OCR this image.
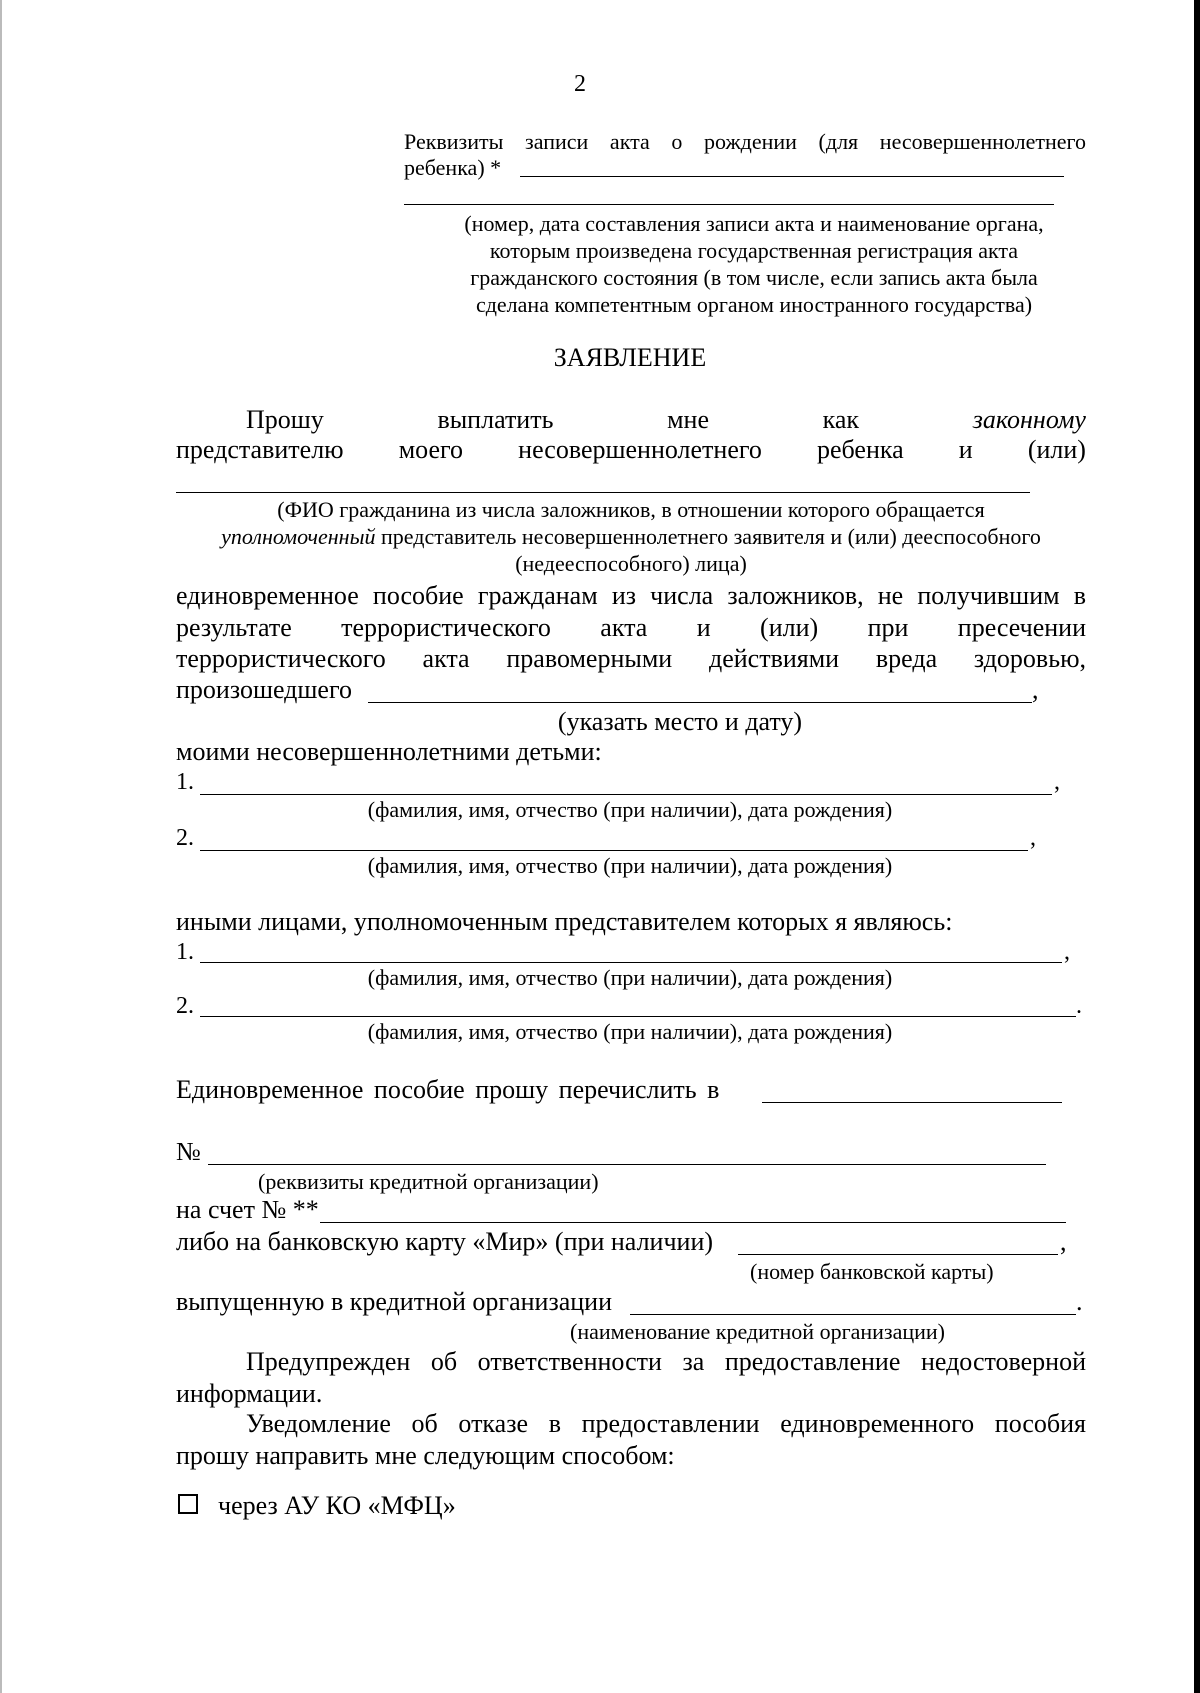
2
Реквизиты записи акта о рождении (для несовершеннолетнего
ребенка) *
(номер, дата составления записи акта и наименование органа,
которым произведена государственная регистрация акта
гражданского состояния (в том числе, если запись акта была
сделана компетентным органом иностранного государства)
ЗАЯВЛЕНИЕ
Прошу	выплатить	мне	как	законному
представителю моего несовершеннолетнего ребенка и (или)
(ФИО гражданина из числа заложников, в отношении которого обращается
уполномоченный представитель несовершеннолетнего заявителя и (или) дееспособного
(недееспособного) лица)
единовременное пособие гражданам из числа заложников, не получившим в
результате террористического акта и (или) при пресечении
террористического акта правомерными действиями вреда здоровью,
произошедшего	,
(указать место и дату)
моими несовершеннолетними детьми:
1.	,
(фамилия, имя, отчество (при наличии), дата рождения)
2.	,
(фамилия, имя, отчество (при наличии), дата рождения)
иными лицами, уполномоченным представителем которых я являюсь:
1.	,
(фамилия, имя, отчество (при наличии), дата рождения)
2.	.
(фамилия, имя, отчество (при наличии), дата рождения)
Единовременное пособие прошу перечислить в
№
(реквизиты кредитной организации)
на счет № **
либо на банковскую карту «Мир» (при наличии)	,
(номер банковской карты)
выпущенную в кредитной организации	.
(наименование кредитной организации)
Предупрежден об ответственности за предоставление недостоверной
информации.
Уведомление об отказе в предоставлении единовременного пособия
прошу направить мне следующим способом:
через АУ КО «МФЦ»
